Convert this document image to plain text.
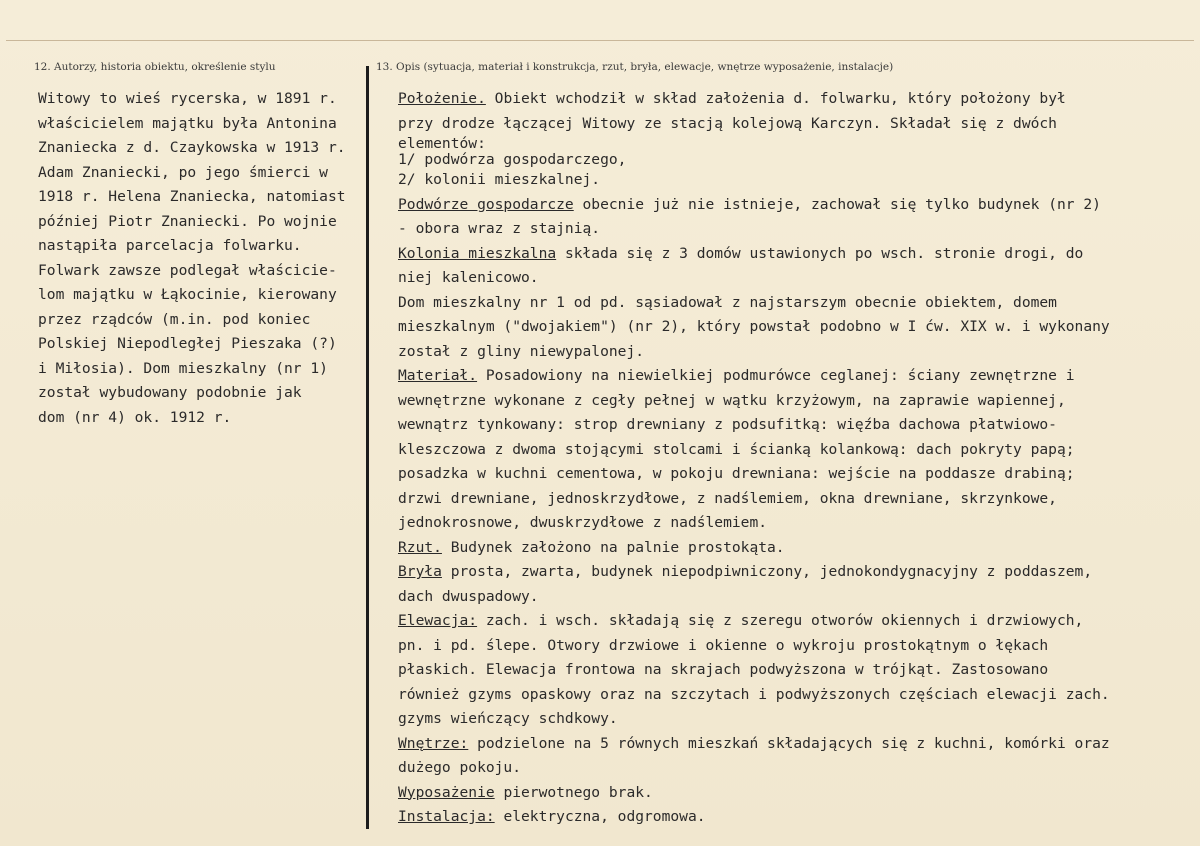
12. Autorzy, historia obiektu, określenie stylu	13. Opis (sytuacja, materiał i konstrukcja, rzut, bryła, elewacje, wnętrze wyposażenie, instalacje)
Witowy to wieś rycerska, w 1891 r.
właścicielem majątku była Antonina
Znaniecka z d. Czaykowska w 1913 r.
Adam Znaniecki, po jego śmierci w
1918 r. Helena Znaniecka, natomiast
później Piotr Znaniecki. Po wojnie
nastąpiła parcelacja folwarku.
Folwark zawsze podlegał właściciе-
lom majątku w Łąkocinie, kierowany
przez rządców (m.in. pod koniec
Polskiej Niepodległej Pieszaka (?)
i Miłosia). Dom mieszkalny (nr 1)
został wybudowany podobnie jak
dom (nr 4) ok. 1912 r.
Położenie. Obiekt wchodził w skład założenia d. folwarku, który położony był
przy drodze łączącej Witowy ze stacją kolejową Karczyn. Składał się z dwóch
elementów:
1/ podwórza gospodarczego,
2/ kolonii mieszkalnej.
Podwórze gospodarcze obecnie już nie istnieje, zachował się tylko budynek (nr 2)
- obora wraz z stajnią.
Kolonia mieszkalna składa się z 3 domów ustawionych po wsch. stronie drogi, do
niej kalenicowo.
Dom mieszkalny nr 1 od pd. sąsiadował z najstarszym obecnie obiektem, domem
mieszkalnym ("dwojakiem") (nr 2), który powstał podobno w I ćw. XIX w. i wykonany
został z gliny niewypalonej.
Materiał. Posadowiony na niewielkiej podmurówce ceglanej: ściany zewnętrzne i
wewnętrzne wykonane z cegły pełnej w wątku krzyżowym, na zaprawie wapiennej,
wewnątrz tynkowany: strop drewniany z podsufitką: więźba dachowa płatwiowo-
kleszczowa z dwoma stojącymi stolcami i ścianką kolankową: dach pokryty papą;
posadzka w kuchni cementowa, w pokoju drewniana: wejście na poddasze drabiną;
drzwi drewniane, jednoskrzydłowe, z nadślemiem, okna drewniane, skrzynkowe,
jednokrosnowe, dwuskrzydłowe z nadślemiem.
Rzut. Budynek założono na palnie prostokąta.
Bryła prosta, zwarta, budynek niepodpiwniczony, jednokondygnacyjny z poddaszem,
dach dwuspadowy.
Elewacja: zach. i wsch. składają się z szeregu otworów okiennych i drzwiowych,
pn. i pd. ślepe. Otwory drzwiowe i okienne o wykroju prostokątnym o łękach
płaskich. Elewacja frontowa na skrajach podwyższona w trójkąt. Zastosowano
również gzyms opaskowy oraz na szczytach i podwyższonych częściach elewacji zach.
gzyms wieńczący schdkowy.
Wnętrze: podzielone na 5 równych mieszkań składających się z kuchni, komórki oraz
dużego pokoju.
Wyposażenie pierwotnego brak.
Instalacja: elektryczna, odgromowa.
